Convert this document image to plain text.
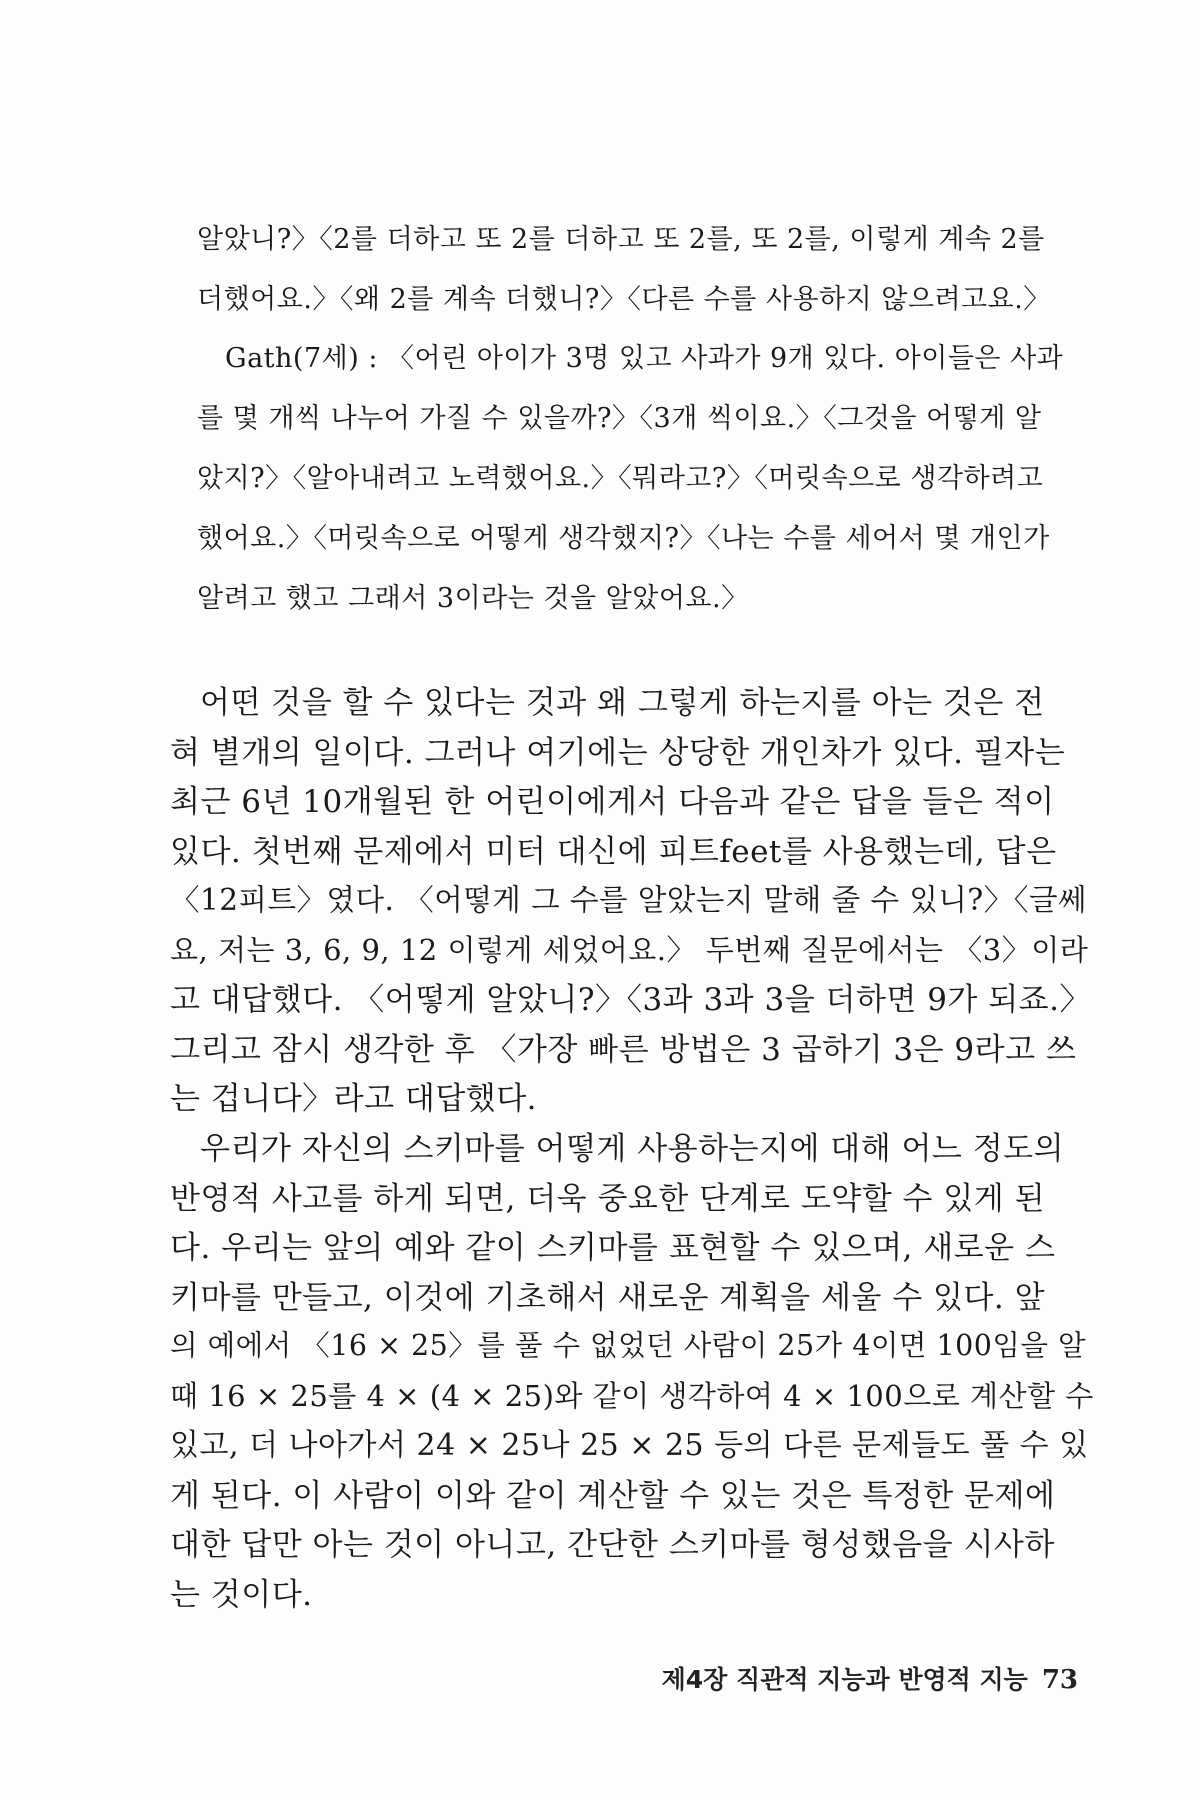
알았니?〉〈2를 더하고 또 2를 더하고 또 2를, 또 2를, 이렇게 계속 2를
더했어요.〉〈왜 2를 계속 더했니?〉〈다른 수를 사용하지 않으려고요.〉
Gath(7세) : 〈어린 아이가 3명 있고 사과가 9개 있다. 아이들은 사과
를 몇 개씩 나누어 가질 수 있을까?〉〈3개 씩이요.〉〈그것을 어떻게 알
았지?〉〈알아내려고 노력했어요.〉〈뭐라고?〉〈머릿속으로 생각하려고
했어요.〉〈머릿속으로 어떻게 생각했지?〉〈나는 수를 세어서 몇 개인가
알려고 했고 그래서 3이라는 것을 알았어요.〉
어떤 것을 할 수 있다는 것과 왜 그렇게 하는지를 아는 것은 전
혀 별개의 일이다. 그러나 여기에는 상당한 개인차가 있다. 필자는
최근 6년 10개월된 한 어린이에게서 다음과 같은 답을 들은 적이
있다. 첫번째 문제에서 미터 대신에 피트feet를 사용했는데, 답은
〈12피트〉였다. 〈어떻게 그 수를 알았는지 말해 줄 수 있니?〉〈글쎄
요, 저는 3, 6, 9, 12 이렇게 세었어요.〉 두번째 질문에서는 〈3〉이라
고 대답했다. 〈어떻게 알았니?〉〈3과 3과 3을 더하면 9가 되죠.〉
그리고 잠시 생각한 후 〈가장 빠른 방법은 3 곱하기 3은 9라고 쓰
는 겁니다〉라고 대답했다.
우리가 자신의 스키마를 어떻게 사용하는지에 대해 어느 정도의
반영적 사고를 하게 되면, 더욱 중요한 단계로 도약할 수 있게 된
다. 우리는 앞의 예와 같이 스키마를 표현할 수 있으며, 새로운 스
키마를 만들고, 이것에 기초해서 새로운 계획을 세울 수 있다. 앞
의 예에서 〈16 × 25〉를 풀 수 없었던 사람이 25가 4이면 100임을 알
때 16 × 25를 4 × (4 × 25)와 같이 생각하여 4 × 100으로 계산할 수
있고, 더 나아가서 24 × 25나 25 × 25 등의 다른 문제들도 풀 수 있
게 된다. 이 사람이 이와 같이 계산할 수 있는 것은 특정한 문제에
대한 답만 아는 것이 아니고, 간단한 스키마를 형성했음을 시사하
는 것이다.
제4장 직관적 지능과 반영적 지능 73
